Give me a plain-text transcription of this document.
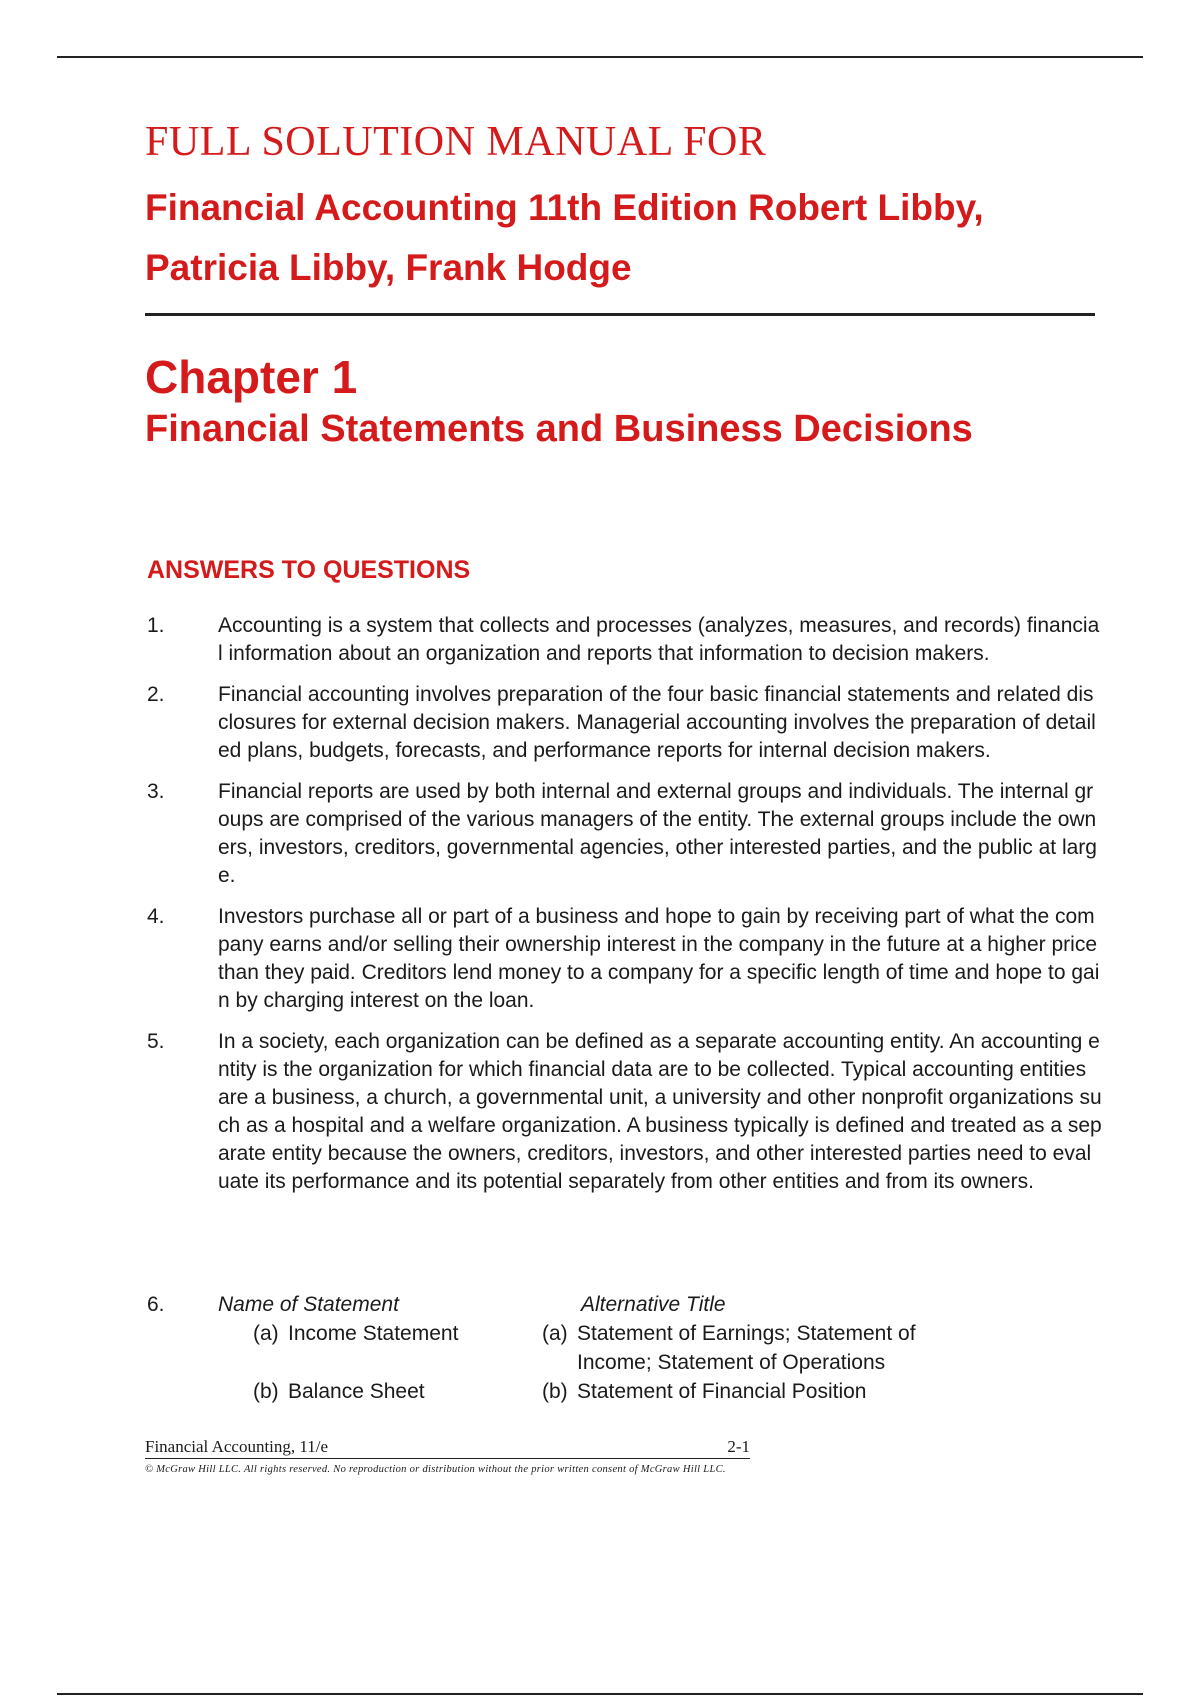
FULL SOLUTION MANUAL FOR
Financial Accounting 11th Edition Robert Libby, Patricia Libby, Frank Hodge
Chapter 1
Financial Statements and Business Decisions
ANSWERS TO QUESTIONS
1.	Accounting is a system that collects and processes (analyzes, measures, and records) financial information about an organization and reports that information to decision makers.
2.	Financial accounting involves preparation of the four basic financial statements and related disclosures for external decision makers. Managerial accounting involves the preparation of detailed plans, budgets, forecasts, and performance reports for internal decision makers.
3.	Financial reports are used by both internal and external groups and individuals. The internal groups are comprised of the various managers of the entity. The external groups include the owners, investors, creditors, governmental agencies, other interested parties, and the public at large.
4.	Investors purchase all or part of a business and hope to gain by receiving part of what the company earns and/or selling their ownership interest in the company in the future at a higher price than they paid. Creditors lend money to a company for a specific length of time and hope to gain by charging interest on the loan.
5.	In a society, each organization can be defined as a separate accounting entity. An accounting entity is the organization for which financial data are to be collected. Typical accounting entities are a business, a church, a governmental unit, a university and other nonprofit organizations such as a hospital and a welfare organization. A business typically is defined and treated as a separate entity because the owners, creditors, investors, and other interested parties need to evaluate its performance and its potential separately from other entities and from its owners.
6.	Name of Statement	Alternative Title
(a) Income Statement	(a) Statement of Earnings; Statement of Income; Statement of Operations
(b) Balance Sheet	(b) Statement of Financial Position
Financial Accounting, 11/e	2-1
© McGraw Hill LLC. All rights reserved. No reproduction or distribution without the prior written consent of McGraw Hill LLC.
